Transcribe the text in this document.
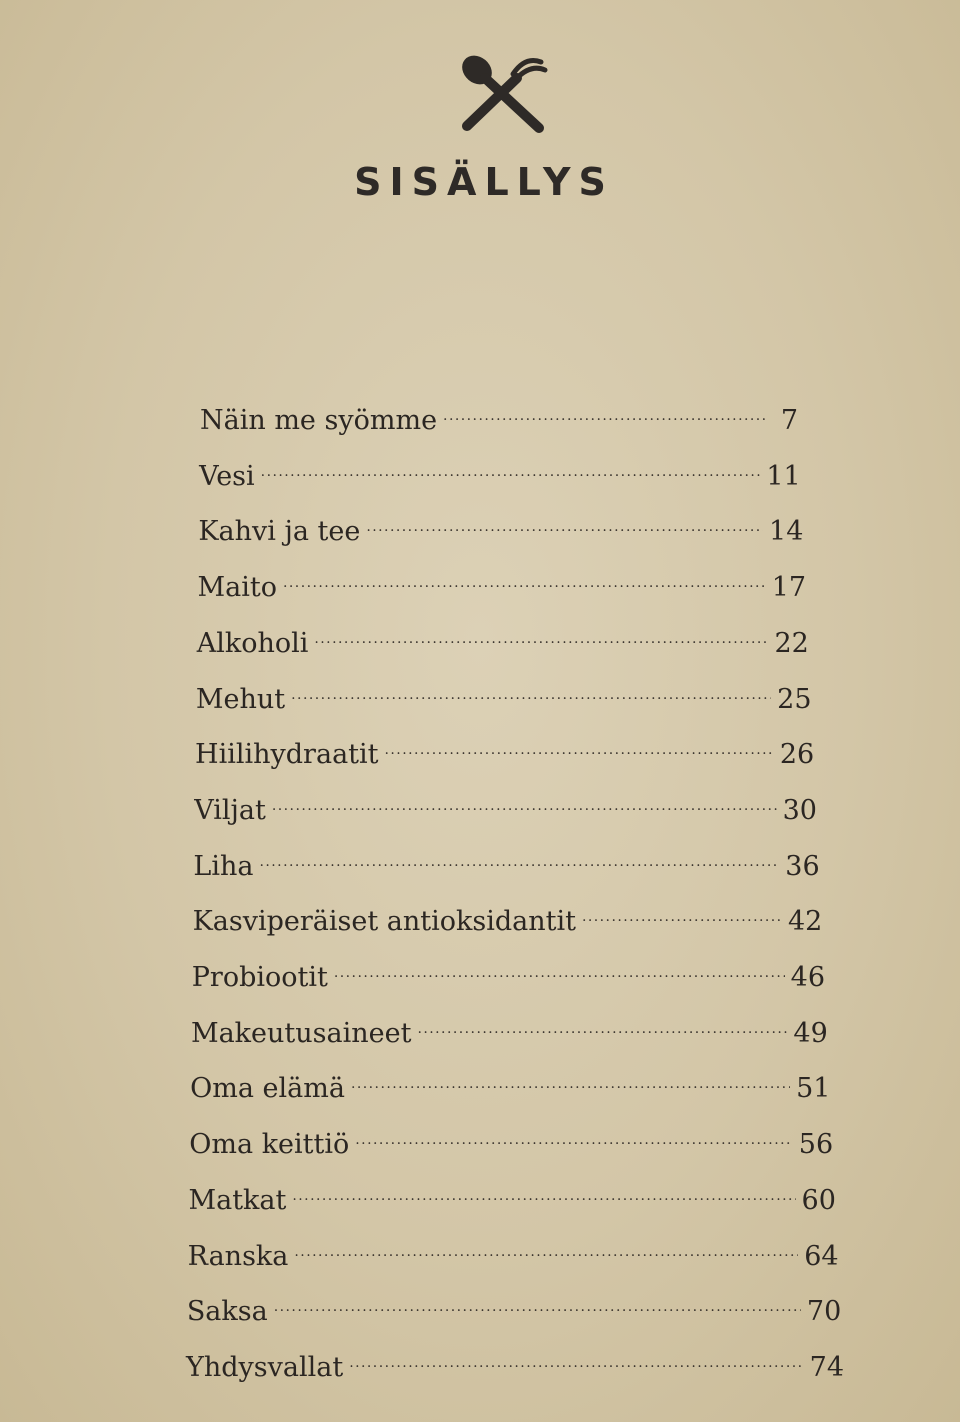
SISÄLLYS
Näin me syömme . . .	7
Vesi . . .	11
Kahvi ja tee . . .	14
Maito . . .	17
Alkoholi . . .	22
Mehut . . .	25
Hiilihydraatit . . .	26
Viljat . . .	30
Liha . . .	36
Kasviperäiset antioksidantit . . .	42
Probiootit . . .	46
Makeutusaineet . . .	49
Oma elämä . . .	51
Oma keittiö . . .	56
Matkat . . .	60
Ranska . . .	64
Saksa . . .	70
Yhdysvallat . . .	74
